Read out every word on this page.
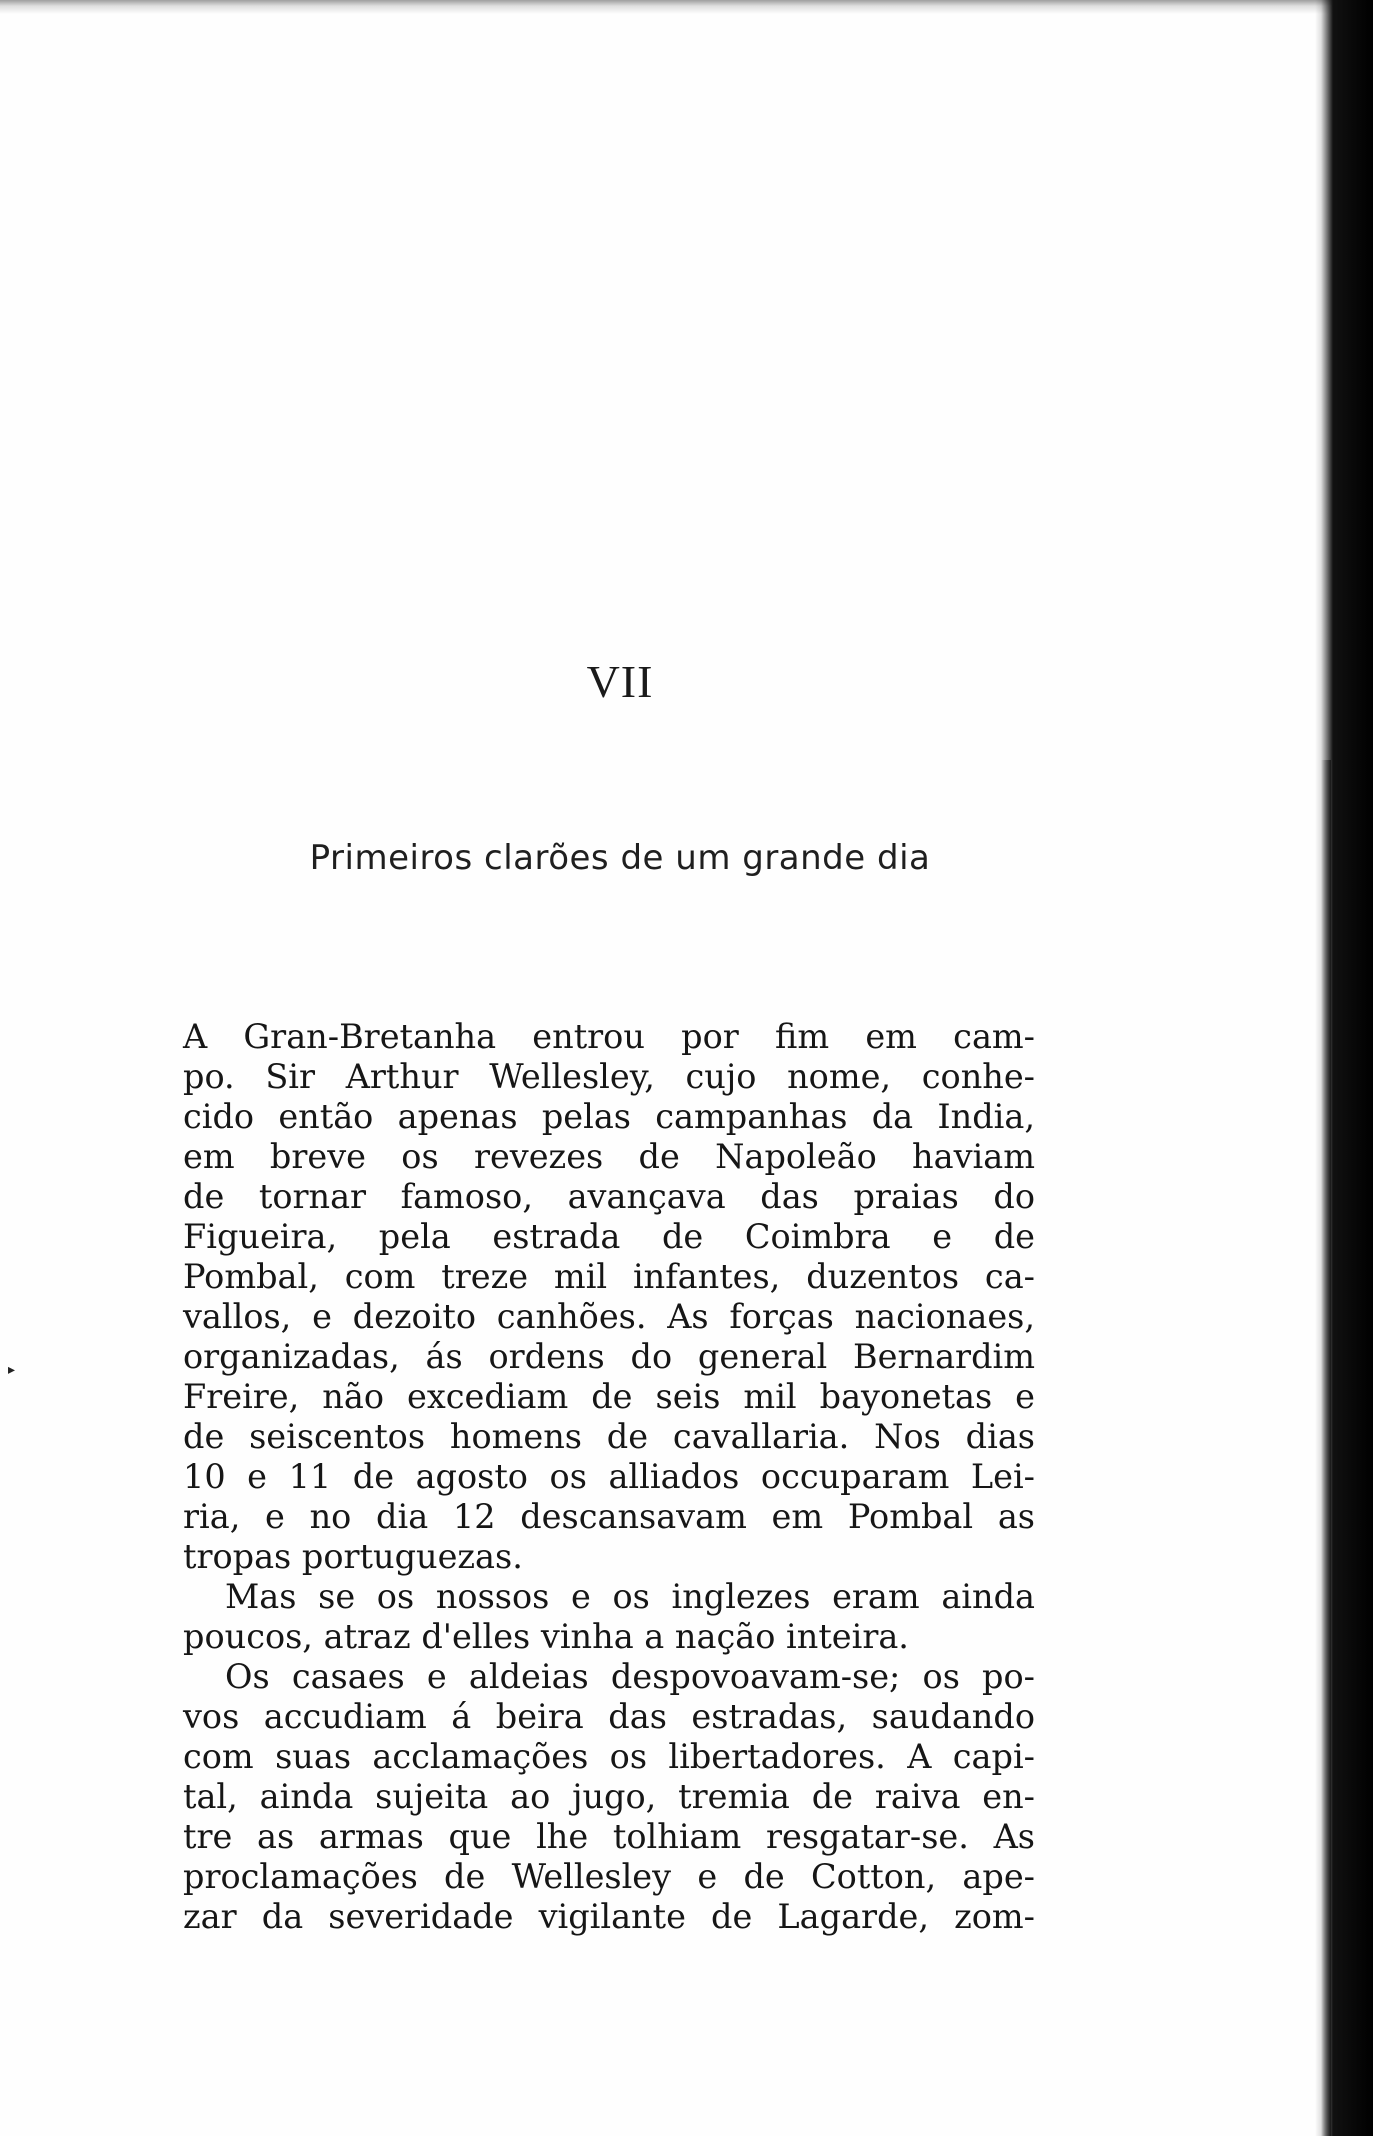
VII
Primeiros clarões de um grande dia
▸
A Gran-Bretanha entrou por fim em cam-
po. Sir Arthur Wellesley, cujo nome, conhe-
cido então apenas pelas campanhas da India,
em breve os revezes de Napoleão haviam
de tornar famoso, avançava das praias do
Figueira, pela estrada de Coimbra e de
Pombal, com treze mil infantes, duzentos ca-
vallos, e dezoito canhões. As forças nacionaes,
organizadas, ás ordens do general Bernardim
Freire, não excediam de seis mil bayonetas e
de seiscentos homens de cavallaria. Nos dias
10 e 11 de agosto os alliados occuparam Lei-
ria, e no dia 12 descansavam em Pombal as
tropas portuguezas.
Mas se os nossos e os inglezes eram ainda
poucos, atraz d'elles vinha a nação inteira.
Os casaes e aldeias despovoavam-se; os po-
vos accudiam á beira das estradas, saudando
com suas acclamações os libertadores. A capi-
tal, ainda sujeita ao jugo, tremia de raiva en-
tre as armas que lhe tolhiam resgatar-se. As
proclamações de Wellesley e de Cotton, ape-
zar da severidade vigilante de Lagarde, zom-
